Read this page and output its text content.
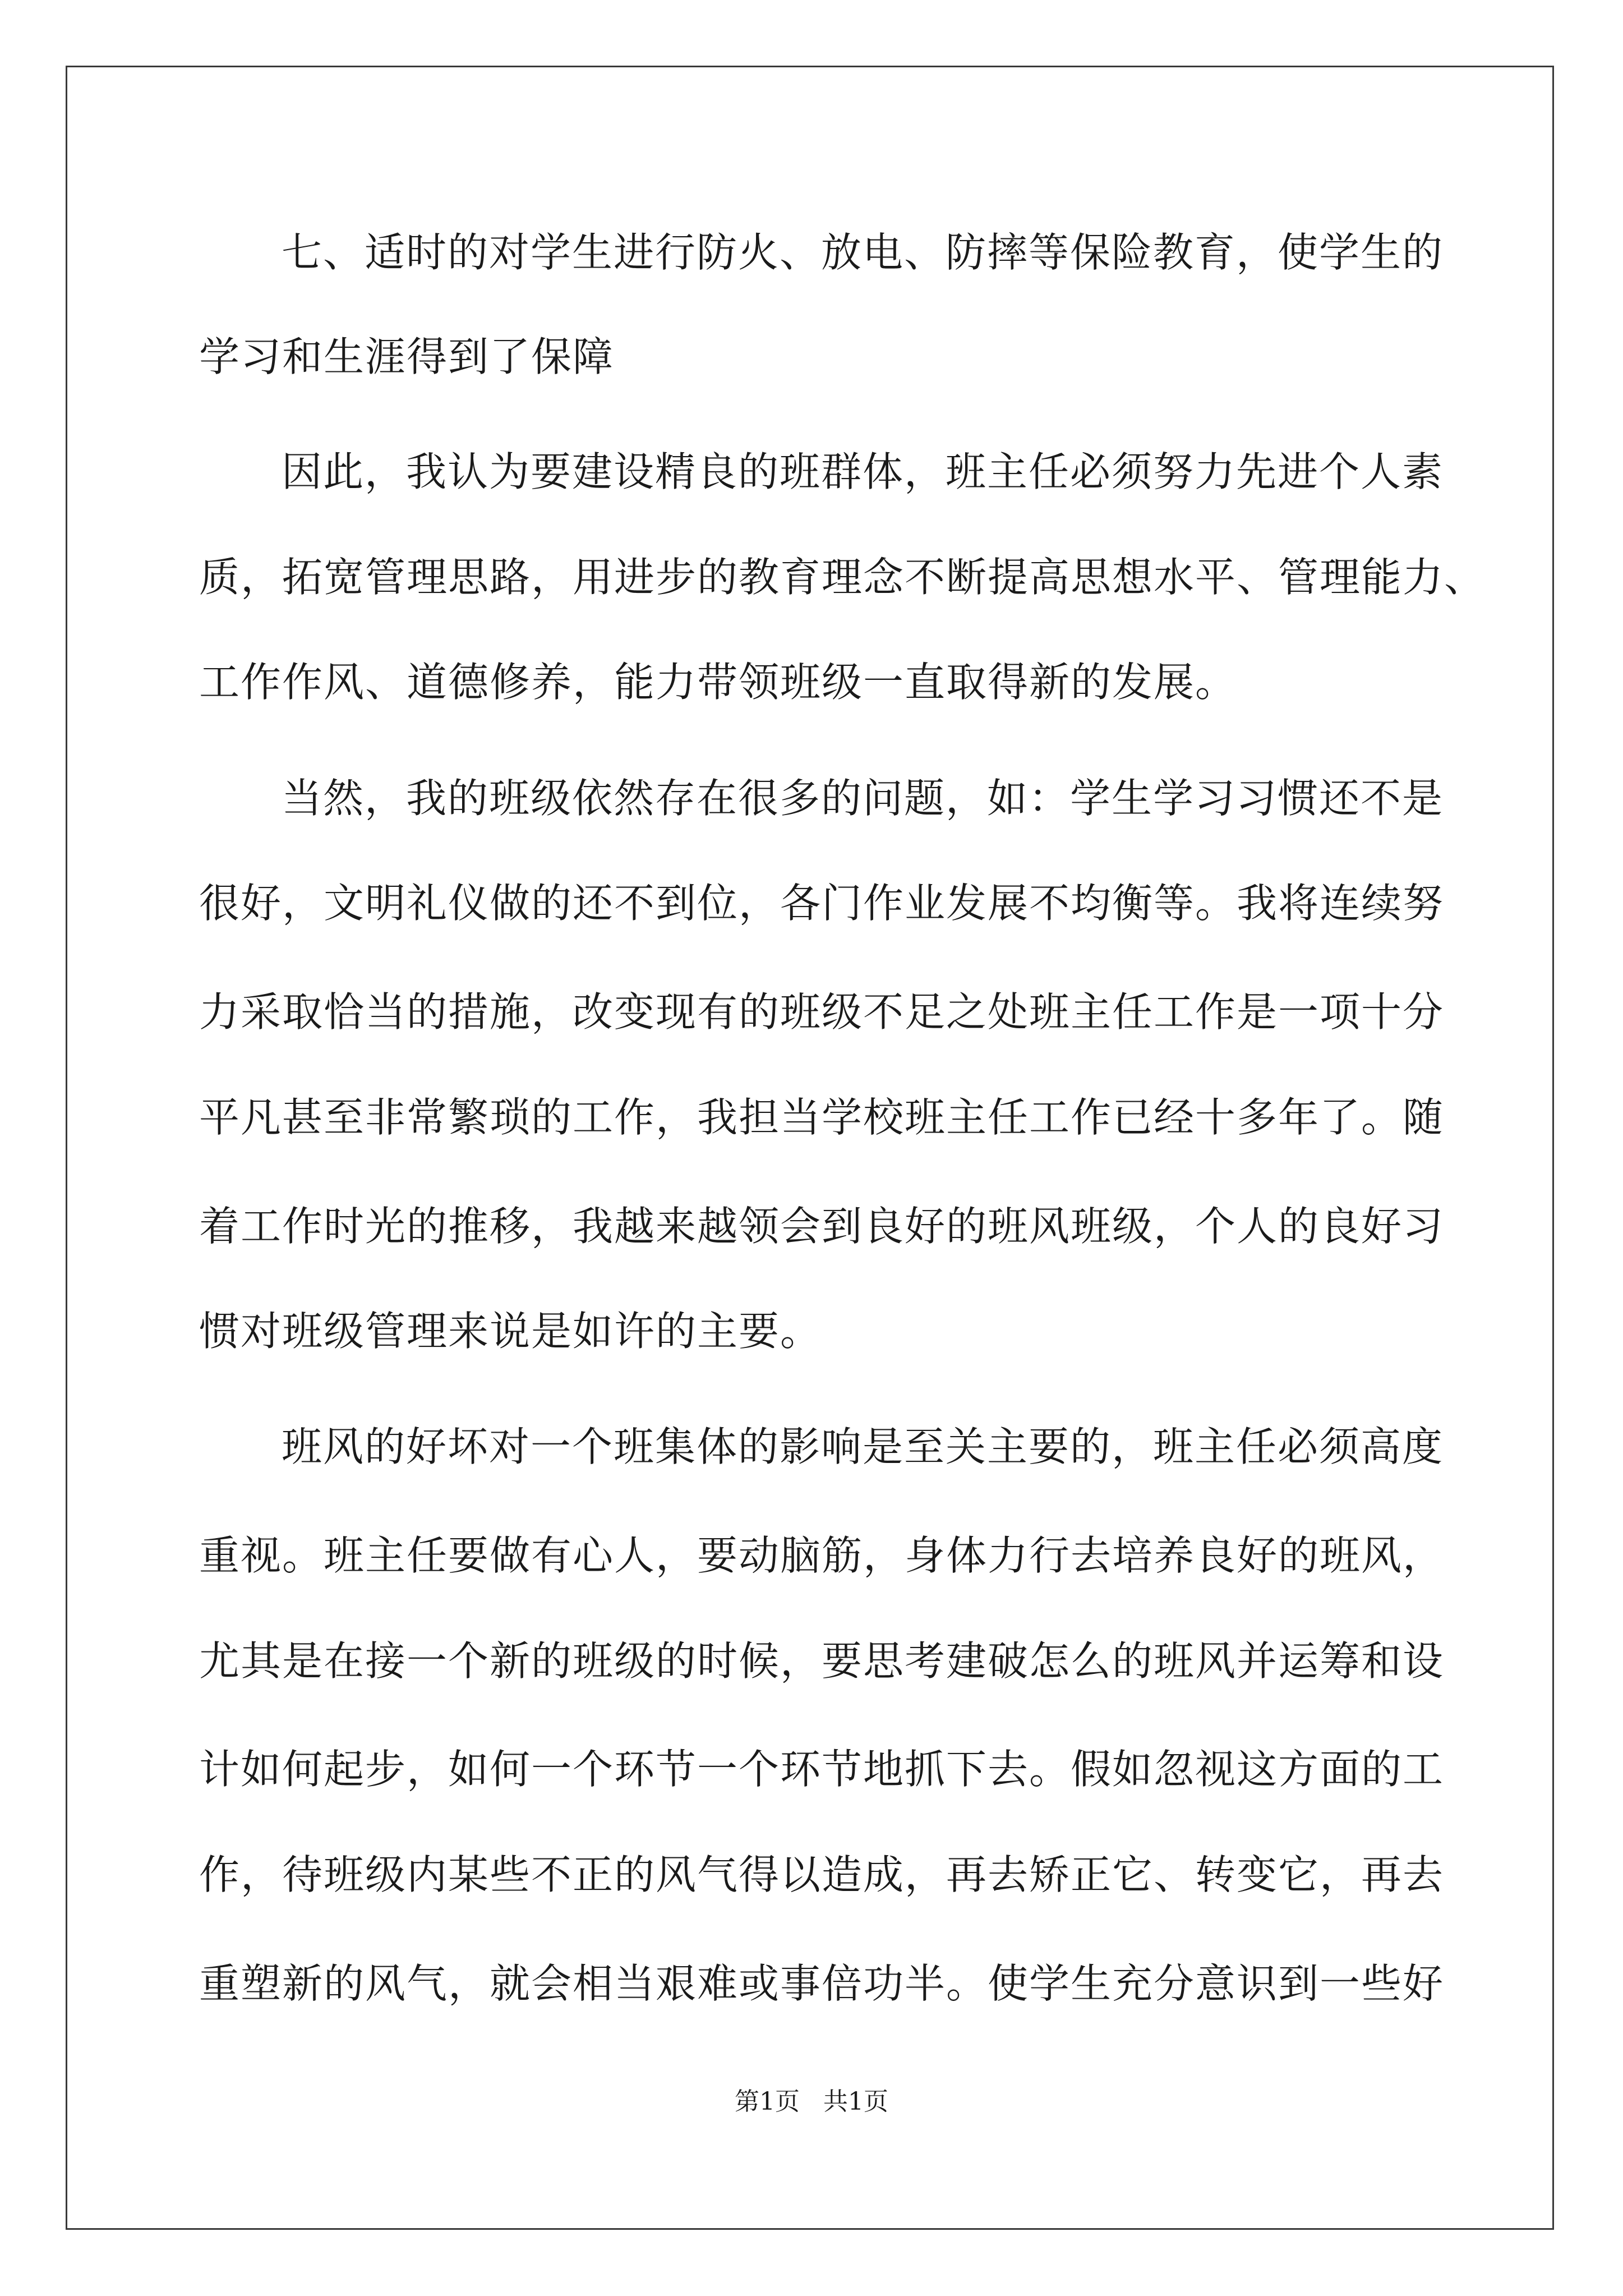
七、适时的对学生进行防火、放电、防摔等保险教育，使学生的
学习和生涯得到了保障
因此，我认为要建设精良的班群体，班主任必须努力先进个人素
质，拓宽管理思路，用进步的教育理念不断提高思想水平、管理能力、
工作作风、道德修养，能力带领班级一直取得新的发展。
当然，我的班级依然存在很多的问题，如：学生学习习惯还不是
很好，文明礼仪做的还不到位，各门作业发展不均衡等。我将连续努
力采取恰当的措施，改变现有的班级不足之处班主任工作是一项十分
平凡甚至非常繁琐的工作，我担当学校班主任工作已经十多年了。随
着工作时光的推移，我越来越领会到良好的班风班级，个人的良好习
惯对班级管理来说是如许的主要。
班风的好坏对一个班集体的影响是至关主要的，班主任必须高度
重视。班主任要做有心人，要动脑筋，身体力行去培养良好的班风，
尤其是在接一个新的班级的时候，要思考建破怎么的班风并运筹和设
计如何起步，如何一个环节一个环节地抓下去。假如忽视这方面的工
作，待班级内某些不正的风气得以造成，再去矫正它、转变它，再去
重塑新的风气，就会相当艰难或事倍功半。使学生充分意识到一些好
第1页   共1页
